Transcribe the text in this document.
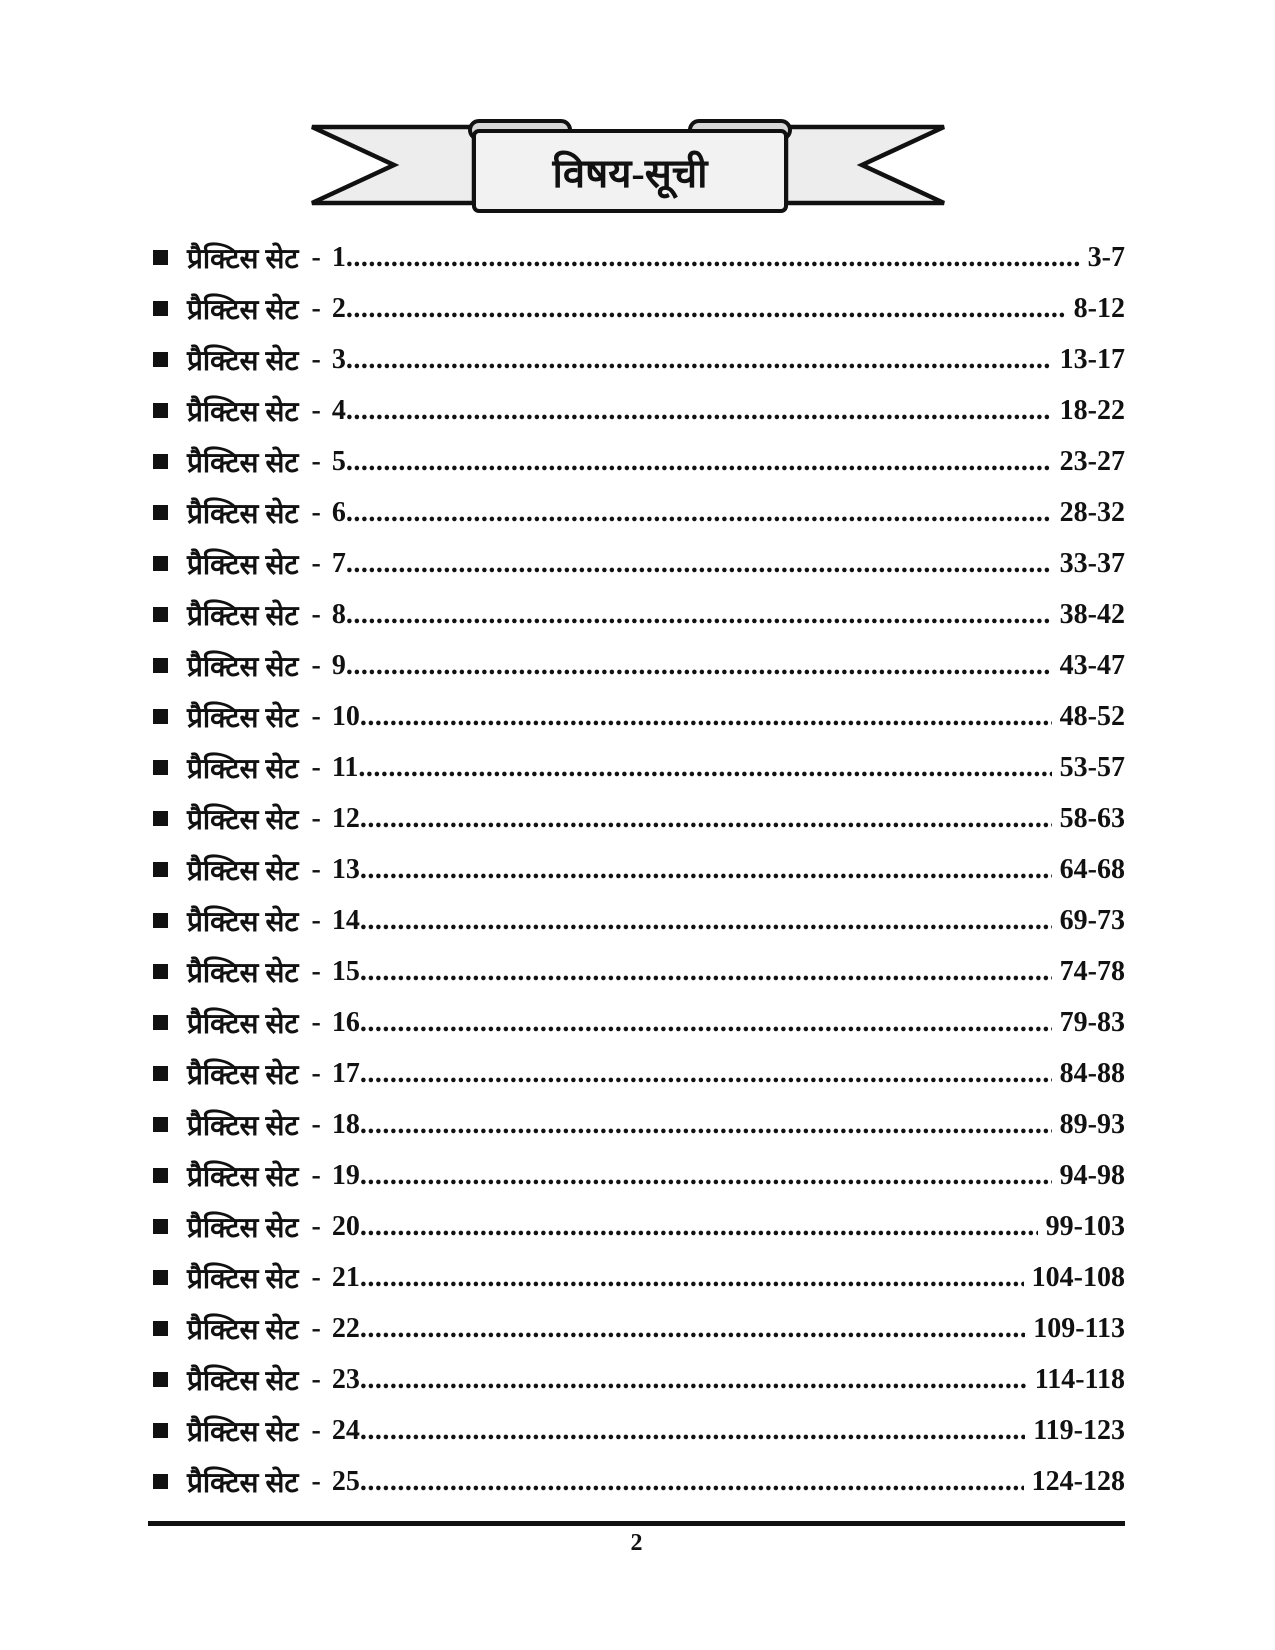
विषय-सूची
प्रैक्टिस सेट - 1 .....	3-7
प्रैक्टिस सेट - 2 .....	8-12
प्रैक्टिस सेट - 3 .....	13-17
प्रैक्टिस सेट - 4 .....	18-22
प्रैक्टिस सेट - 5 .....	23-27
प्रैक्टिस सेट - 6 .....	28-32
प्रैक्टिस सेट - 7 .....	33-37
प्रैक्टिस सेट - 8 .....	38-42
प्रैक्टिस सेट - 9 .....	43-47
प्रैक्टिस सेट - 10 .....	48-52
प्रैक्टिस सेट - 11 .....	53-57
प्रैक्टिस सेट - 12 .....	58-63
प्रैक्टिस सेट - 13 .....	64-68
प्रैक्टिस सेट - 14 .....	69-73
प्रैक्टिस सेट - 15 .....	74-78
प्रैक्टिस सेट - 16 .....	79-83
प्रैक्टिस सेट - 17 .....	84-88
प्रैक्टिस सेट - 18 .....	89-93
प्रैक्टिस सेट - 19 .....	94-98
प्रैक्टिस सेट - 20 .....	99-103
प्रैक्टिस सेट - 21 .....	104-108
प्रैक्टिस सेट - 22 .....	109-113
प्रैक्टिस सेट - 23 .....	114-118
प्रैक्टिस सेट - 24 .....	119-123
प्रैक्टिस सेट - 25 .....	124-128
2
